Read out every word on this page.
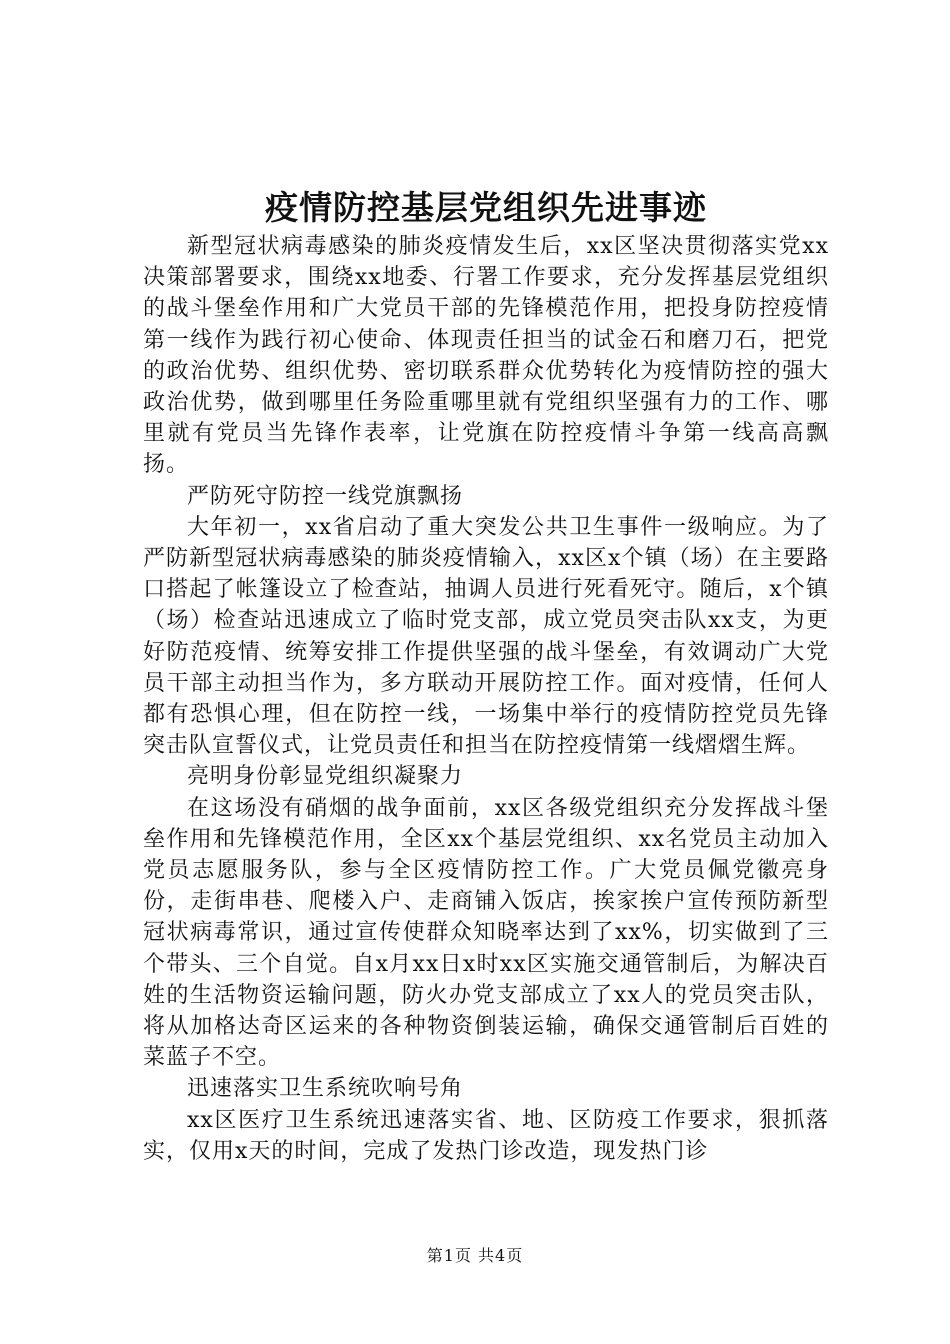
疫情防控基层党组织先进事迹

新型冠状病毒感染的肺炎疫情发生后，xx区坚决贯彻落实党xx决策部署要求，围绕xx地委、行署工作要求，充分发挥基层党组织的战斗堡垒作用和广大党员干部的先锋模范作用，把投身防控疫情第一线作为践行初心使命、体现责任担当的试金石和磨刀石，把党的政治优势、组织优势、密切联系群众优势转化为疫情防控的强大政治优势，做到哪里任务险重哪里就有党组织坚强有力的工作、哪里就有党员当先锋作表率，让党旗在防控疫情斗争第一线高高飘扬。

严防死守防控一线党旗飘扬

大年初一，xx省启动了重大突发公共卫生事件一级响应。为了严防新型冠状病毒感染的肺炎疫情输入，xx区x个镇（场）在主要路口搭起了帐篷设立了检查站，抽调人员进行死看死守。随后，x个镇（场）检查站迅速成立了临时党支部，成立党员突击队xx支，为更好防范疫情、统筹安排工作提供坚强的战斗堡垒，有效调动广大党员干部主动担当作为，多方联动开展防控工作。面对疫情，任何人都有恐惧心理，但在防控一线，一场集中举行的疫情防控党员先锋突击队宣誓仪式，让党员责任和担当在防控疫情第一线熠熠生辉。

亮明身份彰显党组织凝聚力

在这场没有硝烟的战争面前，xx区各级党组织充分发挥战斗堡垒作用和先锋模范作用，全区xx个基层党组织、xx名党员主动加入党员志愿服务队，参与全区疫情防控工作。广大党员佩党徽亮身份，走街串巷、爬楼入户、走商铺入饭店，挨家挨户宣传预防新型冠状病毒常识，通过宣传使群众知晓率达到了xx%，切实做到了三个带头、三个自觉。自x月xx日x时xx区实施交通管制后，为解决百姓的生活物资运输问题，防火办党支部成立了xx人的党员突击队，将从加格达奇区运来的各种物资倒装运输，确保交通管制后百姓的菜蓝子不空。

迅速落实卫生系统吹响号角

xx区医疗卫生系统迅速落实省、地、区防疫工作要求，狠抓落实，仅用x天的时间，完成了发热门诊改造，现发热门诊

第1页 共4页
